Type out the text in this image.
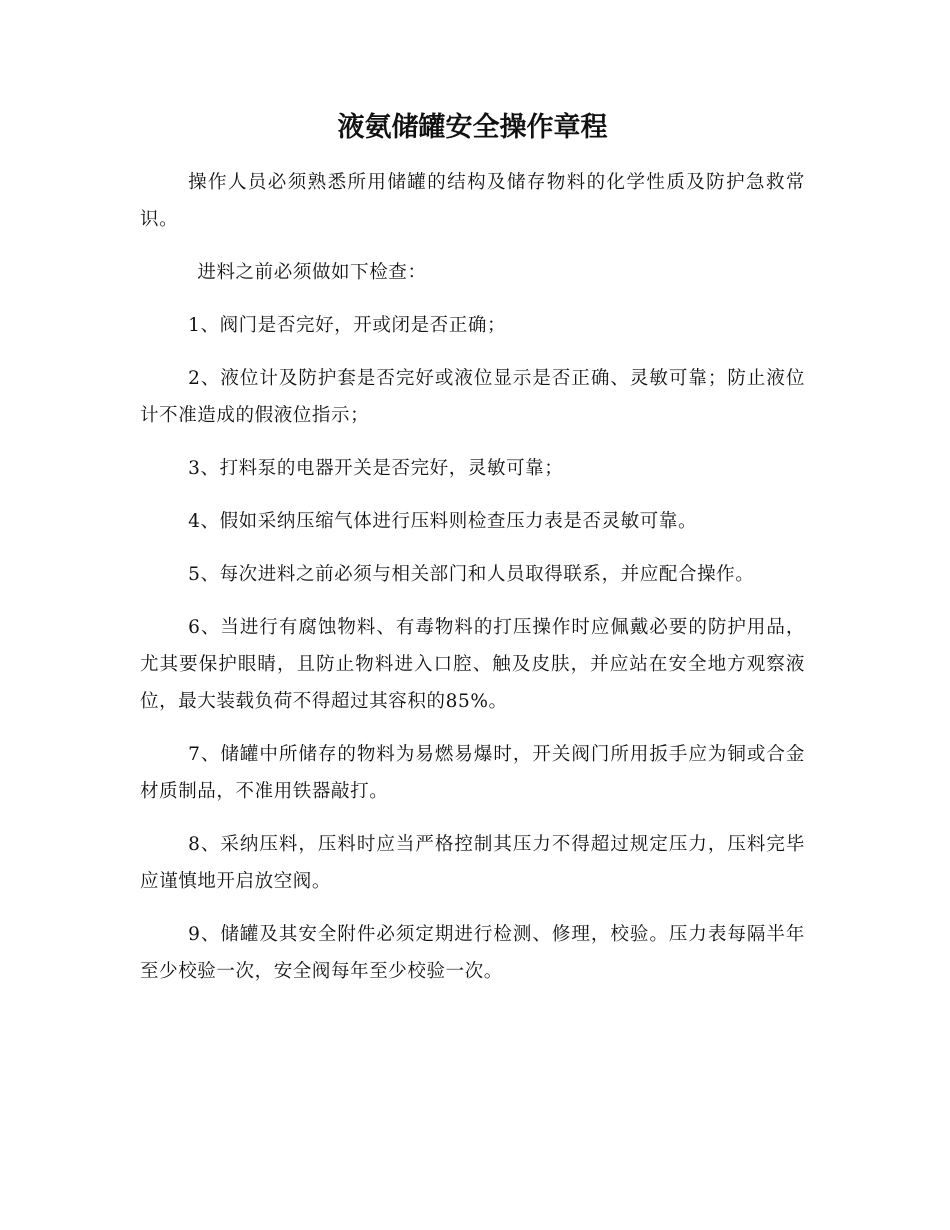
液氨储罐安全操作章程

操作人员必须熟悉所用储罐的结构及储存物料的化学性质及防护急救常识。

进料之前必须做如下检查：

1、阀门是否完好，开或闭是否正确；

2、液位计及防护套是否完好或液位显示是否正确、灵敏可靠；防止液位计不准造成的假液位指示；

3、打料泵的电器开关是否完好，灵敏可靠；

4、假如采纳压缩气体进行压料则检查压力表是否灵敏可靠。

5、每次进料之前必须与相关部门和人员取得联系，并应配合操作。

6、当进行有腐蚀物料、有毒物料的打压操作时应佩戴必要的防护用品，尤其要保护眼睛，且防止物料进入口腔、触及皮肤，并应站在安全地方观察液位，最大装载负荷不得超过其容积的85%。

7、储罐中所储存的物料为易燃易爆时，开关阀门所用扳手应为铜或合金材质制品，不准用铁器敲打。

8、采纳压料，压料时应当严格控制其压力不得超过规定压力，压料完毕应谨慎地开启放空阀。

9、储罐及其安全附件必须定期进行检测、修理，校验。压力表每隔半年至少校验一次，安全阀每年至少校验一次。
